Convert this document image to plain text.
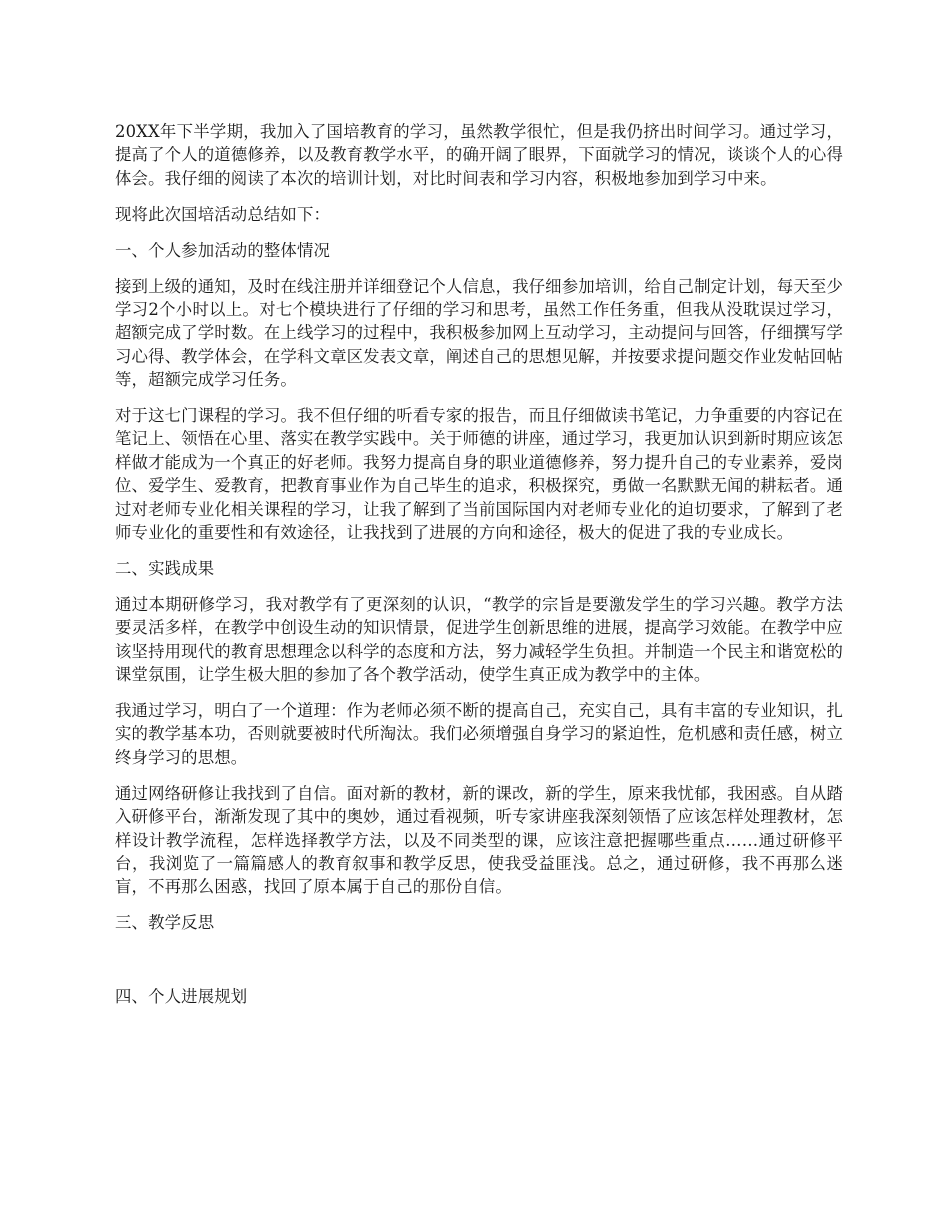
20XX年下半学期，我加入了国培教育的学习，虽然教学很忙，但是我仍挤出时间学习。通过学习，提高了个人的道德修养，以及教育教学水平，的确开阔了眼界，下面就学习的情况，谈谈个人的心得体会。我仔细的阅读了本次的培训计划，对比时间表和学习内容，积极地参加到学习中来。

现将此次国培活动总结如下：

一、个人参加活动的整体情况

接到上级的通知，及时在线注册并详细登记个人信息，我仔细参加培训，给自己制定计划，每天至少学习2个小时以上。对七个模块进行了仔细的学习和思考，虽然工作任务重，但我从没耽误过学习，超额完成了学时数。在上线学习的过程中，我积极参加网上互动学习，主动提问与回答，仔细撰写学习心得、教学体会，在学科文章区发表文章，阐述自己的思想见解，并按要求提问题交作业发帖回帖等，超额完成学习任务。

对于这七门课程的学习。我不但仔细的听看专家的报告，而且仔细做读书笔记，力争重要的内容记在笔记上、领悟在心里、落实在教学实践中。关于师德的讲座，通过学习，我更加认识到新时期应该怎样做才能成为一个真正的好老师。我努力提高自身的职业道德修养，努力提升自己的专业素养，爱岗位、爱学生、爱教育，把教育事业作为自己毕生的追求，积极探究，勇做一名默默无闻的耕耘者。通过对老师专业化相关课程的学习，让我了解到了当前国际国内对老师专业化的迫切要求，了解到了老师专业化的重要性和有效途径，让我找到了进展的方向和途径，极大的促进了我的专业成长。

二、实践成果

通过本期研修学习，我对教学有了更深刻的认识，“教学的宗旨是要激发学生的学习兴趣。教学方法要灵活多样，在教学中创设生动的知识情景，促进学生创新思维的进展，提高学习效能。在教学中应该坚持用现代的教育思想理念以科学的态度和方法，努力减轻学生负担。并制造一个民主和谐宽松的课堂氛围，让学生极大胆的参加了各个教学活动，使学生真正成为教学中的主体。

我通过学习，明白了一个道理：作为老师必须不断的提高自己，充实自己，具有丰富的专业知识，扎实的教学基本功，否则就要被时代所淘汰。我们必须增强自身学习的紧迫性，危机感和责任感，树立终身学习的思想。

通过网络研修让我找到了自信。面对新的教材，新的课改，新的学生，原来我忧郁，我困惑。自从踏入研修平台，渐渐发现了其中的奥妙，通过看视频，听专家讲座我深刻领悟了应该怎样处理教材，怎样设计教学流程，怎样选择教学方法，以及不同类型的课，应该注意把握哪些重点……通过研修平台，我浏览了一篇篇感人的教育叙事和教学反思，使我受益匪浅。总之，通过研修，我不再那么迷盲，不再那么困惑，找回了原本属于自己的那份自信。

三、教学反思

四、个人进展规划
